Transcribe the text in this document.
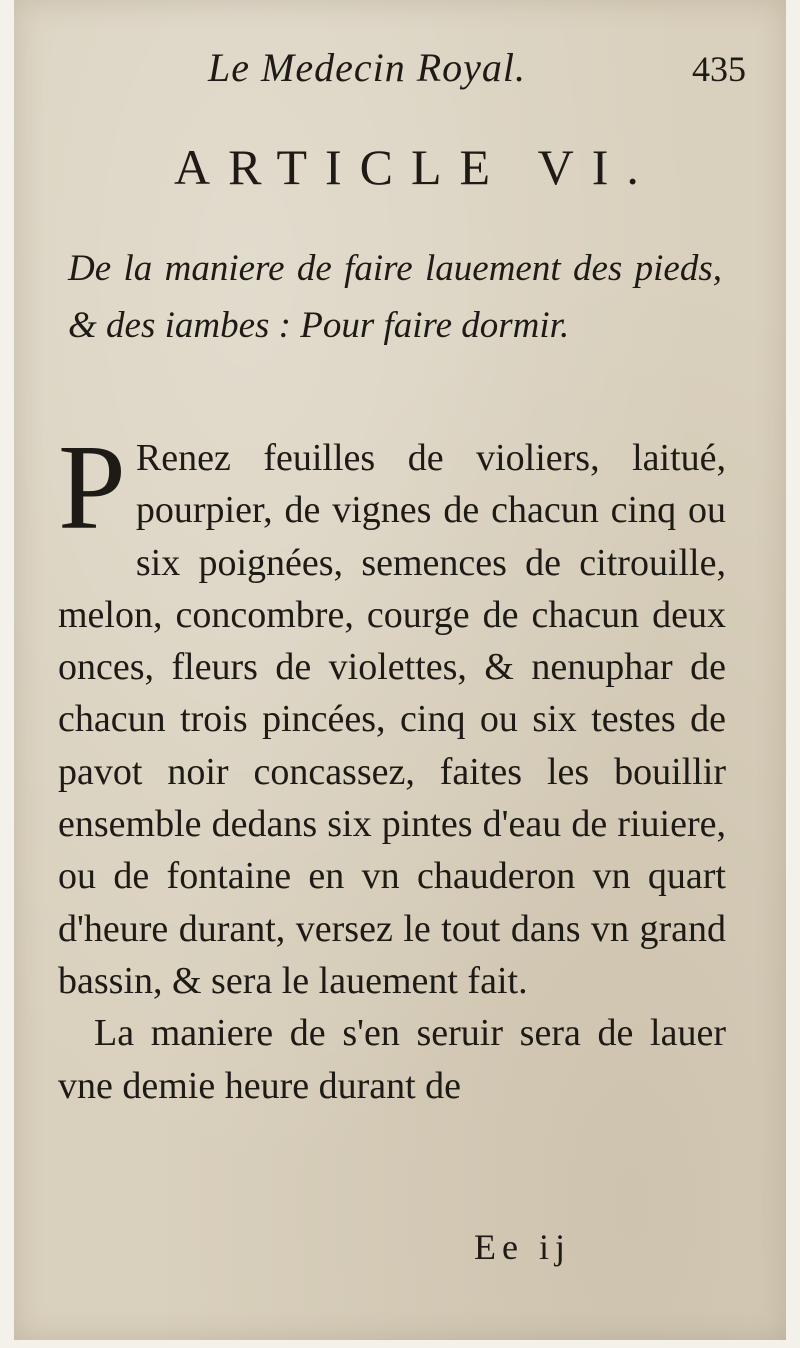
Le Medecin Royal.	435
ARTICLE VI.
De la maniere de faire lauement des pieds, & des iambes : Pour faire dormir.

P Renez feuilles de violiers, laitué, pourpier, de vignes de chacun cinq ou six poignées, semences de citrouille, melon, concombre, courge de chacun deux onces, fleurs de violettes, & nenuphar de chacun trois pincées, cinq ou six testes de pavot noir concassez, faites les bouillir ensemble dedans six pintes d'eau de riuiere, ou de fontaine en vn chauderon vn quart d'heure durant, versez le tout dans vn grand bassin, & sera le lauement fait.

La maniere de s'en seruir sera de lauer vne demie heure durant de

Ee ij
